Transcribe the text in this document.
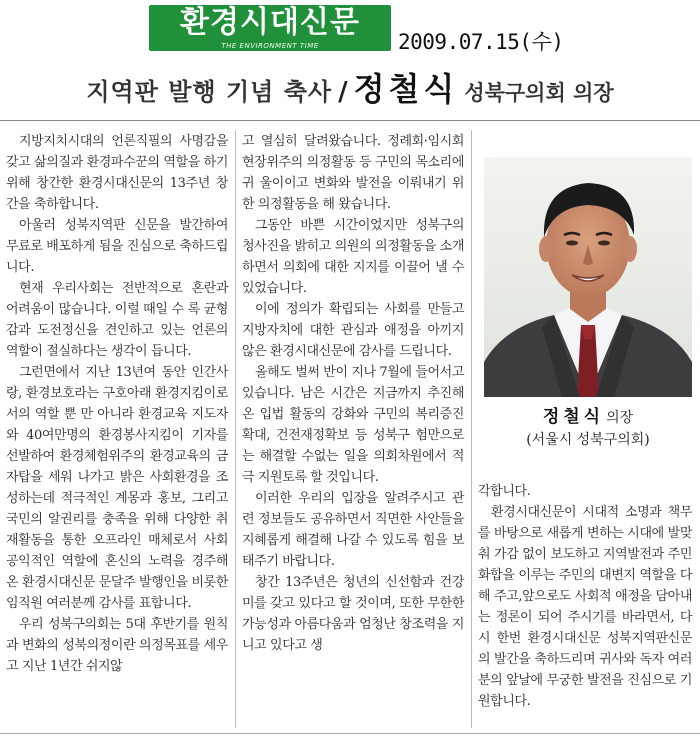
환경시대신문
THE ENVIRONMENT TIME	2009.07.15(수)
지역판 발행 기념 축사 / 정철식 성북구의회 의장

지방지치시대의 언론직필의 사명감을 갖고 삶의질과 환경파수꾼의 역할을 하기위해 창간한 환경시대신문의 13주년 창간을 축하합니다.

아울러 성북지역판 신문을 발간하여 무료로 배포하게 됨을 진심으로 축하드립니다.

현재 우리사회는 전반적으로 혼란과 어려움이 많습니다. 이럴 때일 수 록 균형감과 도전정신을 견인하고 있는 언론의 역할이 절실하다는 생각이 듭니다.

그런면에서 지난 13년여 동안 인간사랑, 환경보호라는 구호아래 환경지킴이로서의 역할 뿐 만 아니라 환경교육 지도자와 40여만명의 환경봉사지킴이 기자를 선발하여 환경체험위주의 환경교육의 금자탑을 세워 나가고 밝은 사회환경을 조성하는데 적극적인 계몽과 홍보, 그리고 국민의 알권리를 충족을 위해 다양한 취재활동을 통한 오프라인 매체로서 사회 공익적인 역할에 혼신의 노력을 경주해 온 환경시대신문 문달주 발행인을 비롯한 임직원 여러분께 감사를 표합니다.

우리 성북구의회는 5대 후반기를 원칙과 변화의 성북의정이란 의정목표를 세우고 지난 1년간 쉬지않

고 열심히 달려왔습니다. 정례회·임시회 현장위주의 의정활동 등 구민의 목소리에 귀 울이이고 변화와 발전을 이뤄내기 위한 의정활동을 해 왔습니다.

그동안 바쁜 시간이었지만 성북구의 청사진을 밝히고 의원의 의정활동을 소개하면서 의회에 대한 지지를 이끌어 낼 수 있었습니다.

이에 정의가 확립되는 사회를 만들고 지방자치에 대한 관심과 애정을 아끼지 않은 환경시대신문에 감사를 드립니다.

올해도 벌써 반이 지나 7월에 들어서고 있습니다. 남은 시간은 지금까지 추진해온 입법 활동의 강화와 구민의 복리증진 확대, 건전재정확보 등 성북구 험만으로는 해결할 수없는 일을 의회차원에서 적극 지원토록 할 것입니다.

이러한 우리의 입장을 알려주시고 관련 정보들도 공유하면서 직면한 사안들을 지혜롭게 해결해 나갈 수 있도록 힘을 보태주기 바랍니다.

창간 13주년은 청년의 신선함과 건강미를 갖고 있다고 할 것이며, 또한 무한한 가능성과 아름다움과 엄청난 창조력을 지니고 있다고 생

정철식 의장
(서울시 성북구의회)

각합니다.

환경시대신문이 시대적 소명과 책무를 바탕으로 새롭게 변하는 시대에 발맞춰 가감 없이 보도하고 지역발전과 주민 화합을 이루는 주민의 대변지 역할을 다 해 주고,앞으로도 사회적 애정을 담아내는 정론이 되어 주시기를 바라면서, 다시 한번 환경시대신문 성북지역판신문의 발간을 축하드리며 귀사와 독자 여러분의 앞날에 무궁한 발전을 진심으로 기원합니다.
